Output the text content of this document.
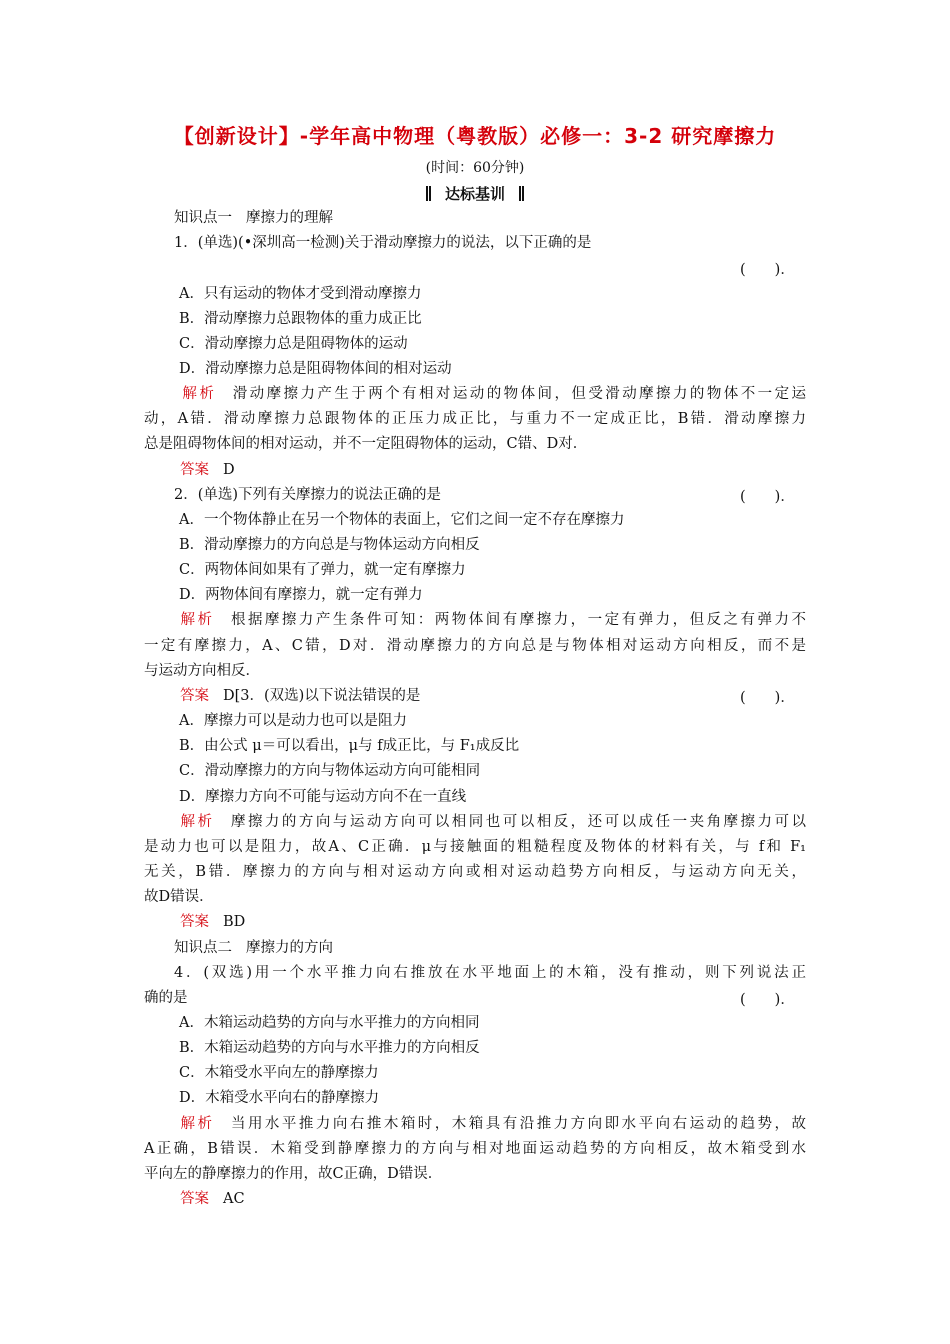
【创新设计】-学年高中物理（粤教版）必修一：3-2 研究摩擦力
(时间：60分钟)
达标基训
知识点一 摩擦力的理解
1．(单选)(•深圳高一检测)关于滑动摩擦力的说法，以下正确的是
(　　)．
A．只有运动的物体才受到滑动摩擦力
B．滑动摩擦力总跟物体的重力成正比
C．滑动摩擦力总是阻碍物体的运动
D．滑动摩擦力总是阻碍物体间的相对运动
解析 滑动摩擦力产生于两个有相对运动的物体间，但受滑动摩擦力的物体不一定运
动，A错．滑动摩擦力总跟物体的正压力成正比，与重力不一定成正比，B错．滑动摩擦力
总是阻碍物体间的相对运动，并不一定阻碍物体的运动，C错、D对．
答案 D
2．(单选)下列有关摩擦力的说法正确的是	(　　)．
A．一个物体静止在另一个物体的表面上，它们之间一定不存在摩擦力
B．滑动摩擦力的方向总是与物体运动方向相反
C．两物体间如果有了弹力，就一定有摩擦力
D．两物体间有摩擦力，就一定有弹力
解析 根据摩擦力产生条件可知：两物体间有摩擦力，一定有弹力，但反之有弹力不
一定有摩擦力，A、C错，D对．滑动摩擦力的方向总是与物体相对运动方向相反，而不是
与运动方向相反．
答案 D[3．(双选)以下说法错误的是	(　　)．
A．摩擦力可以是动力也可以是阻力
B．由公式 μ＝可以看出，μ与 f成正比，与 F₁成反比
C．滑动摩擦力的方向与物体运动方向可能相同
D．摩擦力方向不可能与运动方向不在一直线
解析 摩擦力的方向与运动方向可以相同也可以相反，还可以成任一夹角摩擦力可以
是动力也可以是阻力，故A、C正确．μ与接触面的粗糙程度及物体的材料有关，与 f和 F₁
无关，B错．摩擦力的方向与相对运动方向或相对运动趋势方向相反，与运动方向无关，
故D错误．
答案 BD
知识点二 摩擦力的方向
4．(双选)用一个水平推力向右推放在水平地面上的木箱，没有推动，则下列说法正
确的是	(　　)．
A．木箱运动趋势的方向与水平推力的方向相同
B．木箱运动趋势的方向与水平推力的方向相反
C．木箱受水平向左的静摩擦力
D．木箱受水平向右的静摩擦力
解析 当用水平推力向右推木箱时，木箱具有沿推力方向即水平向右运动的趋势，故
A正确，B错误．木箱受到静摩擦力的方向与相对地面运动趋势的方向相反，故木箱受到水
平向左的静摩擦力的作用，故C正确，D错误．
答案 AC
